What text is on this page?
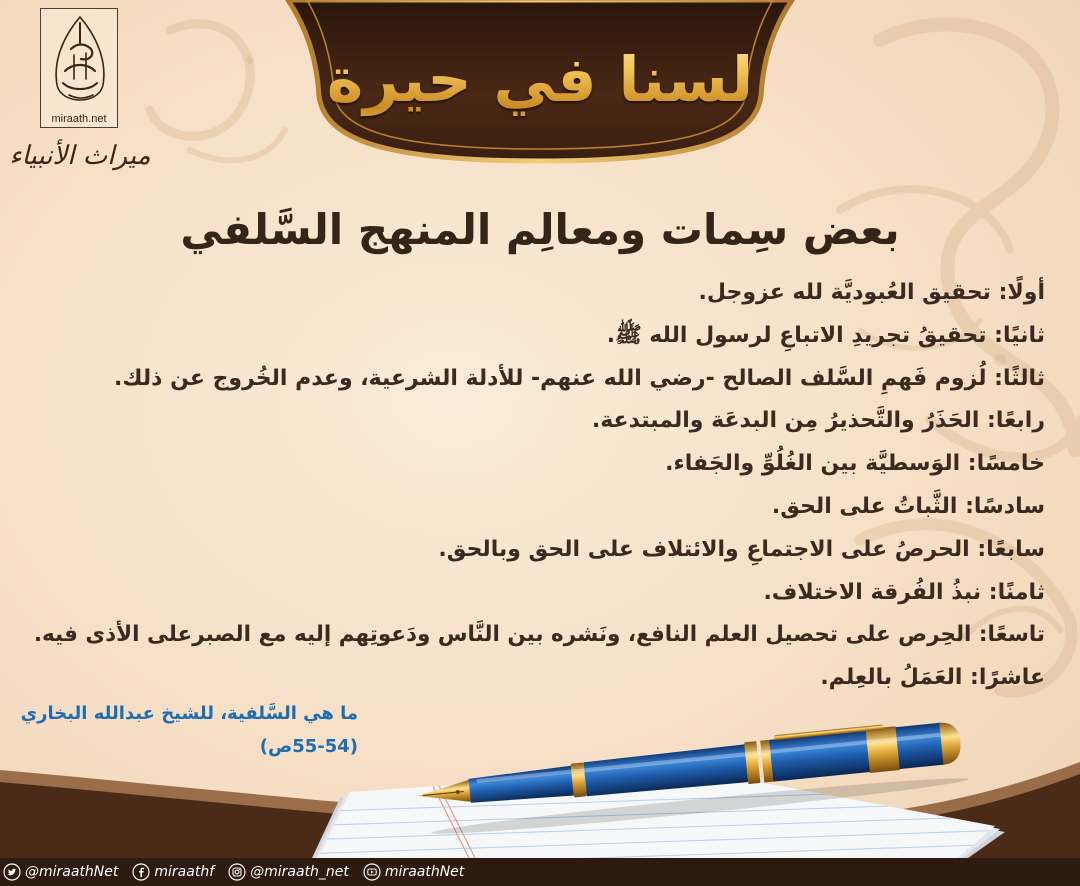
miraath.net
ميراث الأنبياء
لسنا في حيرة
بعض سِمات ومعالِم المنهج السَّلفي
أولًا: تحقيق العُبوديَّة لله عزوجل.
ثانيًا: تحقيقُ تجريدِ الاتباعِ لرسول الله ﷺ.
ثالثًا: لُزوم فَهمِ السَّلف الصالح -رضي الله عنهم- للأدلة الشرعية، وعدم الخُروج عن ذلك.
رابعًا: الحَذَرُ والتَّحذيرُ مِن البدعَة والمبتدعة.
خامسًا: الوَسطيَّة بين الغُلُوِّ والجَفاء.
سادسًا: الثَّباتُ على الحق.
سابعًا: الحرصُ على الاجتماعِ والائتلاف على الحق وبالحق.
ثامنًا: نبذُ الفُرقة الاختلاف.
تاسعًا: الحِرص على تحصيل العلم النافع، ونَشره بين النَّاس ودَعوتِهم إليه مع الصبرعلى الأذى فيه.
عاشرًا: العَمَلُ بالعِلم.
ما هي السَّلفية، للشيخ عبدالله البخاري
(ص55-54)
@miraathNet	miraathf	@miraath_net	miraathNet
